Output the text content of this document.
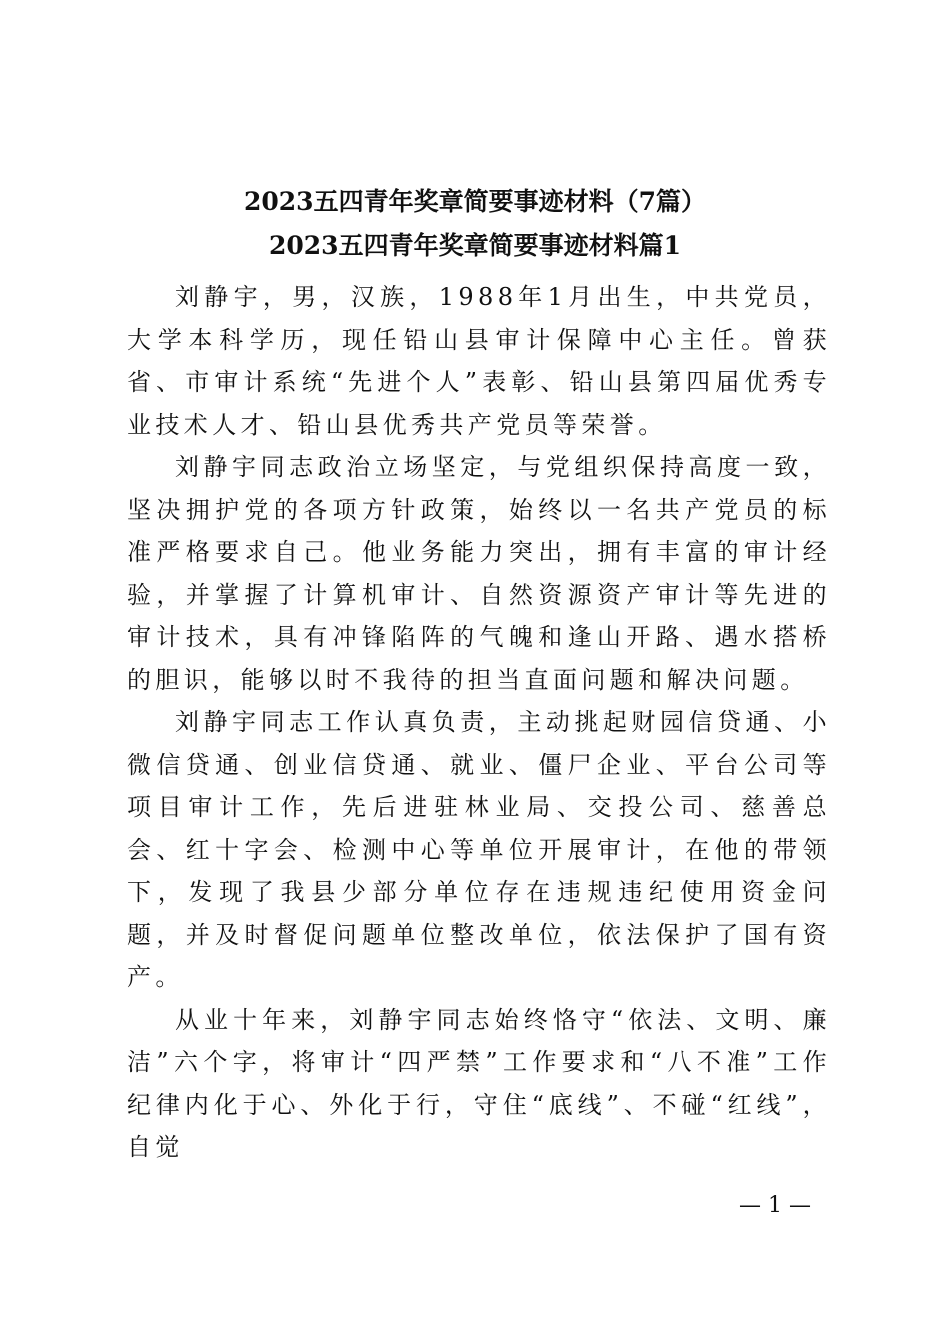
2023五四青年奖章简要事迹材料（7篇）
2023五四青年奖章简要事迹材料篇1

刘静宇，男，汉族，1988年1月出生，中共党员，大学本科学历，现任铅山县审计保障中心主任。曾获省、市审计系统“先进个人”表彰、铅山县第四届优秀专业技术人才、铅山县优秀共产党员等荣誉。

刘静宇同志政治立场坚定，与党组织保持高度一致，坚决拥护党的各项方针政策，始终以一名共产党员的标准严格要求自己。他业务能力突出，拥有丰富的审计经验，并掌握了计算机审计、自然资源资产审计等先进的审计技术，具有冲锋陷阵的气魄和逢山开路、遇水搭桥的胆识，能够以时不我待的担当直面问题和解决问题。

刘静宇同志工作认真负责，主动挑起财园信贷通、小微信贷通、创业信贷通、就业、僵尸企业、平台公司等项目审计工作，先后进驻林业局、交投公司、慈善总会、红十字会、检测中心等单位开展审计，在他的带领下，发现了我县少部分单位存在违规违纪使用资金问题，并及时督促问题单位整改单位，依法保护了国有资产。

从业十年来，刘静宇同志始终恪守“依法、文明、廉洁”六个字，将审计“四严禁”工作要求和“八不准”工作纪律内化于心、外化于行，守住“底线”、不碰“红线”，自觉

— 1 —
